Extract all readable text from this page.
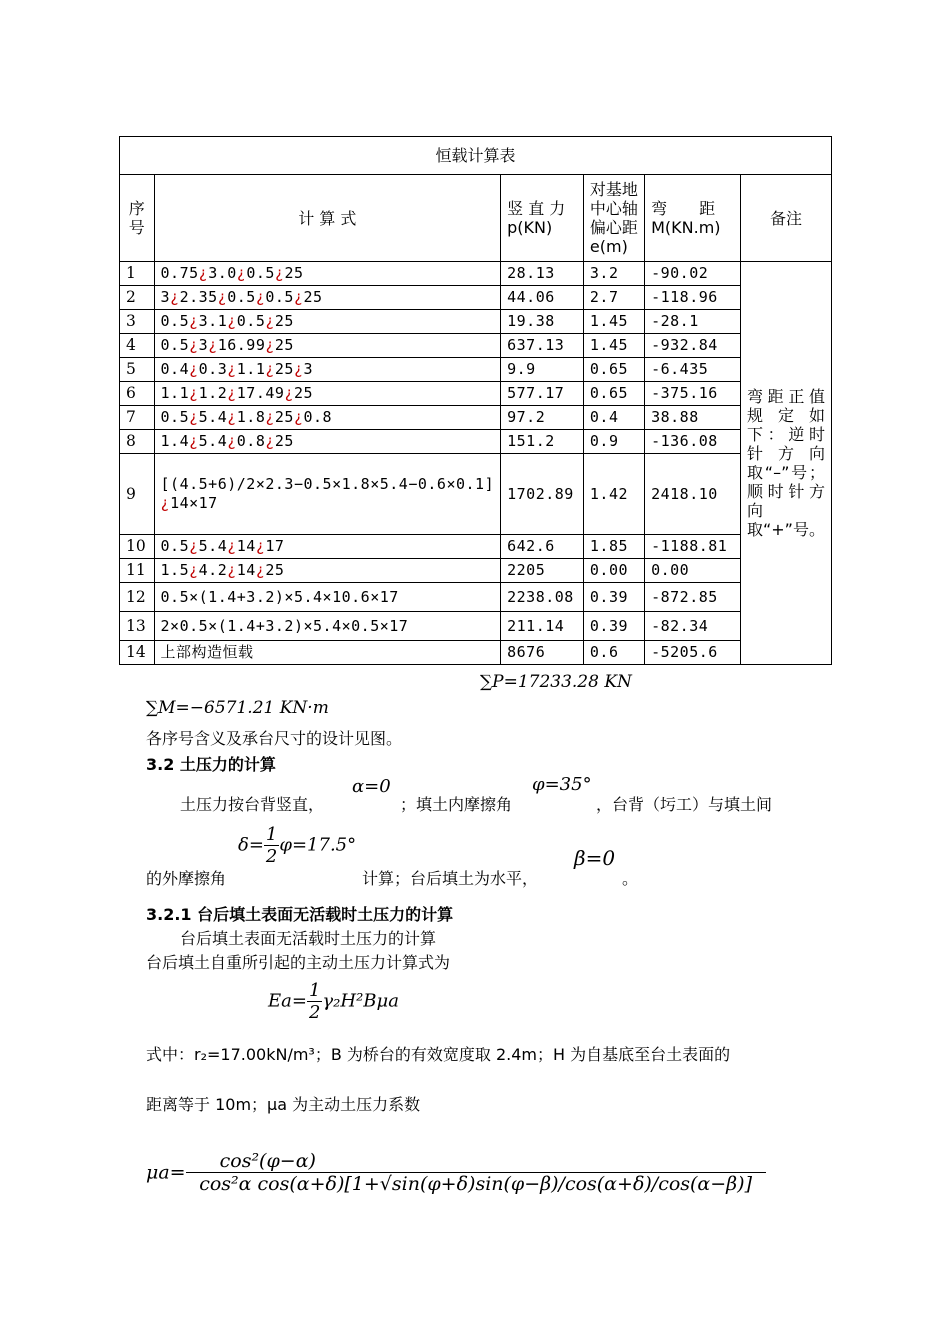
恒载计算表					
序号	计 算 式	竖 直 力 p(KN)	对基地中心轴偏心距 e(m)	弯　　距 M(KN.m)	备注
1	0.75¿3.0¿0.5¿25	28.13	3.2	-90.02	弯距正值规定如下：逆时针方向取“–”号；顺时针方向取“+”号。
2	3¿2.35¿0.5¿0.5¿25	44.06	2.7	-118.96	
3	0.5¿3.1¿0.5¿25	19.38	1.45	-28.1	
4	0.5¿3¿16.99¿25	637.13	1.45	-932.84	
5	0.4¿0.3¿1.1¿25¿3	9.9	0.65	-6.435	
6	1.1¿1.2¿17.49¿25	577.17	0.65	-375.16	
7	0.5¿5.4¿1.8¿25¿0.8	97.2	0.4	38.88	
8	1.4¿5.4¿0.8¿25	151.2	0.9	-136.08	
9	[(4.5+6)/2×2.3−0.5×1.8×5.4−0.6×0.1] ¿14×17	1702.89	1.42	2418.10	
10	0.5¿5.4¿14¿17	642.6	1.85	-1188.81	
11	1.5¿4.2¿14¿25	2205	0.00	0.00	
12	0.5×(1.4+3.2)×5.4×10.6×17	2238.08	0.39	-872.85	
13	2×0.5×(1.4+3.2)×5.4×0.5×17	211.14	0.39	-82.34	
14	上部构造恒载	8676	0.6	-5205.6	
∑P=17233.28 KN
∑M=−6571.21 KN·m
各序号含义及承台尺寸的设计见图。
3.2 土压力的计算
土压力按台背竖直，
α=0
；填土内摩擦角
φ=35°
，台背（圬工）与填土间
$\delta= \frac{1}{2} \varphi=17.5^\circ$
的外摩擦角	计算；台后填土为水平，
β=0
。
3.2.1 台后填土表面无活载时土压力的计算
台后填土表面无活载时土压力的计算
台后填土自重所引起的主动土压力计算式为
$Ea= \frac{1}{2} \gamma_2H^2B\mu a$
式中：r₂=17.00kN/m³；B 为桥台的有效宽度取 2.4m；H 为自基底至台土表面的
距离等于 10m；μa 为主动土压力系数
$\mu a= \frac{\text{cos²(φ−α)}}{\text{cos²α cos(α+δ)[1+√sin(φ+δ)sin(φ−β)/cos(α+δ)/cos(α−β)]}}$
